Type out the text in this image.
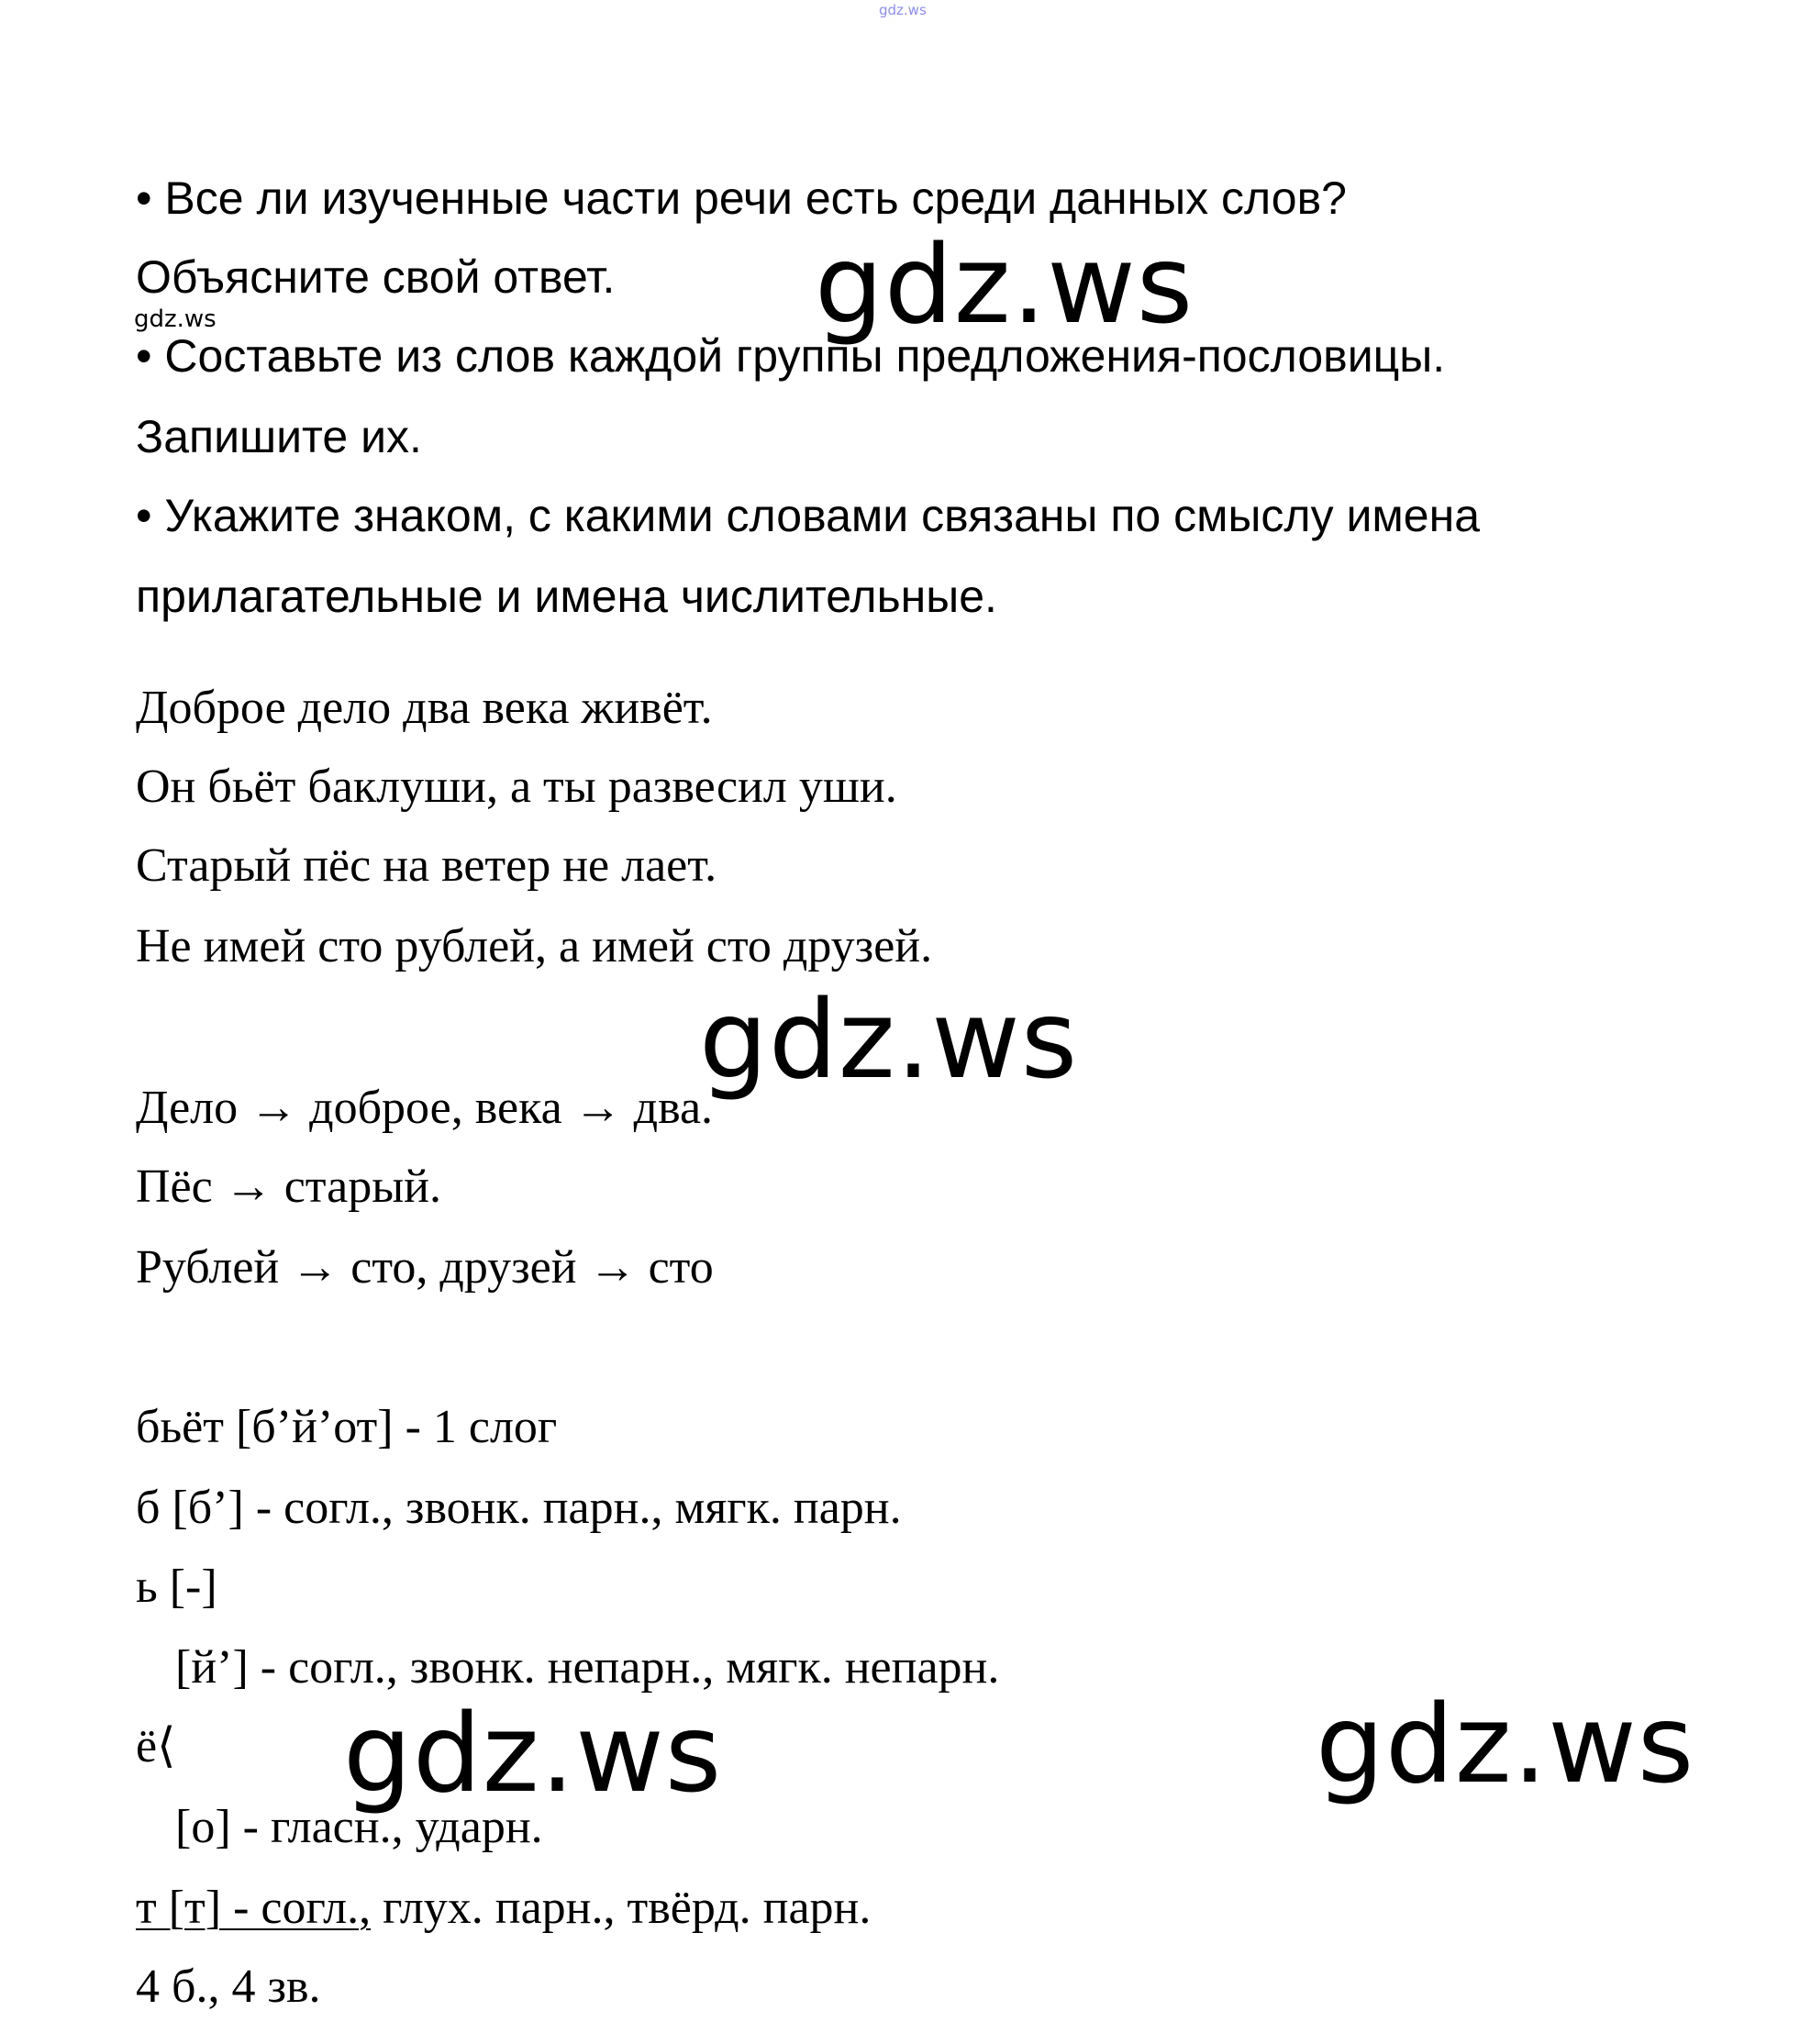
gdz.ws
• Все ли изученные части речи есть среди данных слов?
Объясните свой ответ.
gdz.ws
• Составьте из слов каждой группы предложения-пословицы.
Запишите их.
• Укажите знаком, с какими словами связаны по смыслу имена
прилагательные и имена числительные.
Доброе дело два века живёт.
Он бьёт баклуши, а ты развесил уши.
Старый пёс на ветер не лает.
Не имей сто рублей, а имей сто друзей.
Дело → доброе, века → два.
Пёс → старый.
Рублей → сто, друзей → сто
бьёт [б’й’от] - 1 слог
б [б’] - согл., звонк. парн., мягк. парн.
ь [-]
[й’] - согл., звонк. непарн., мягк. непарн.
ё⟨
[о] - гласн., ударн.
т [т] - согл., глух. парн., твёрд. парн.
4 б., 4 зв.
gdz.ws
gdz.ws
gdz.ws	gdz.ws
